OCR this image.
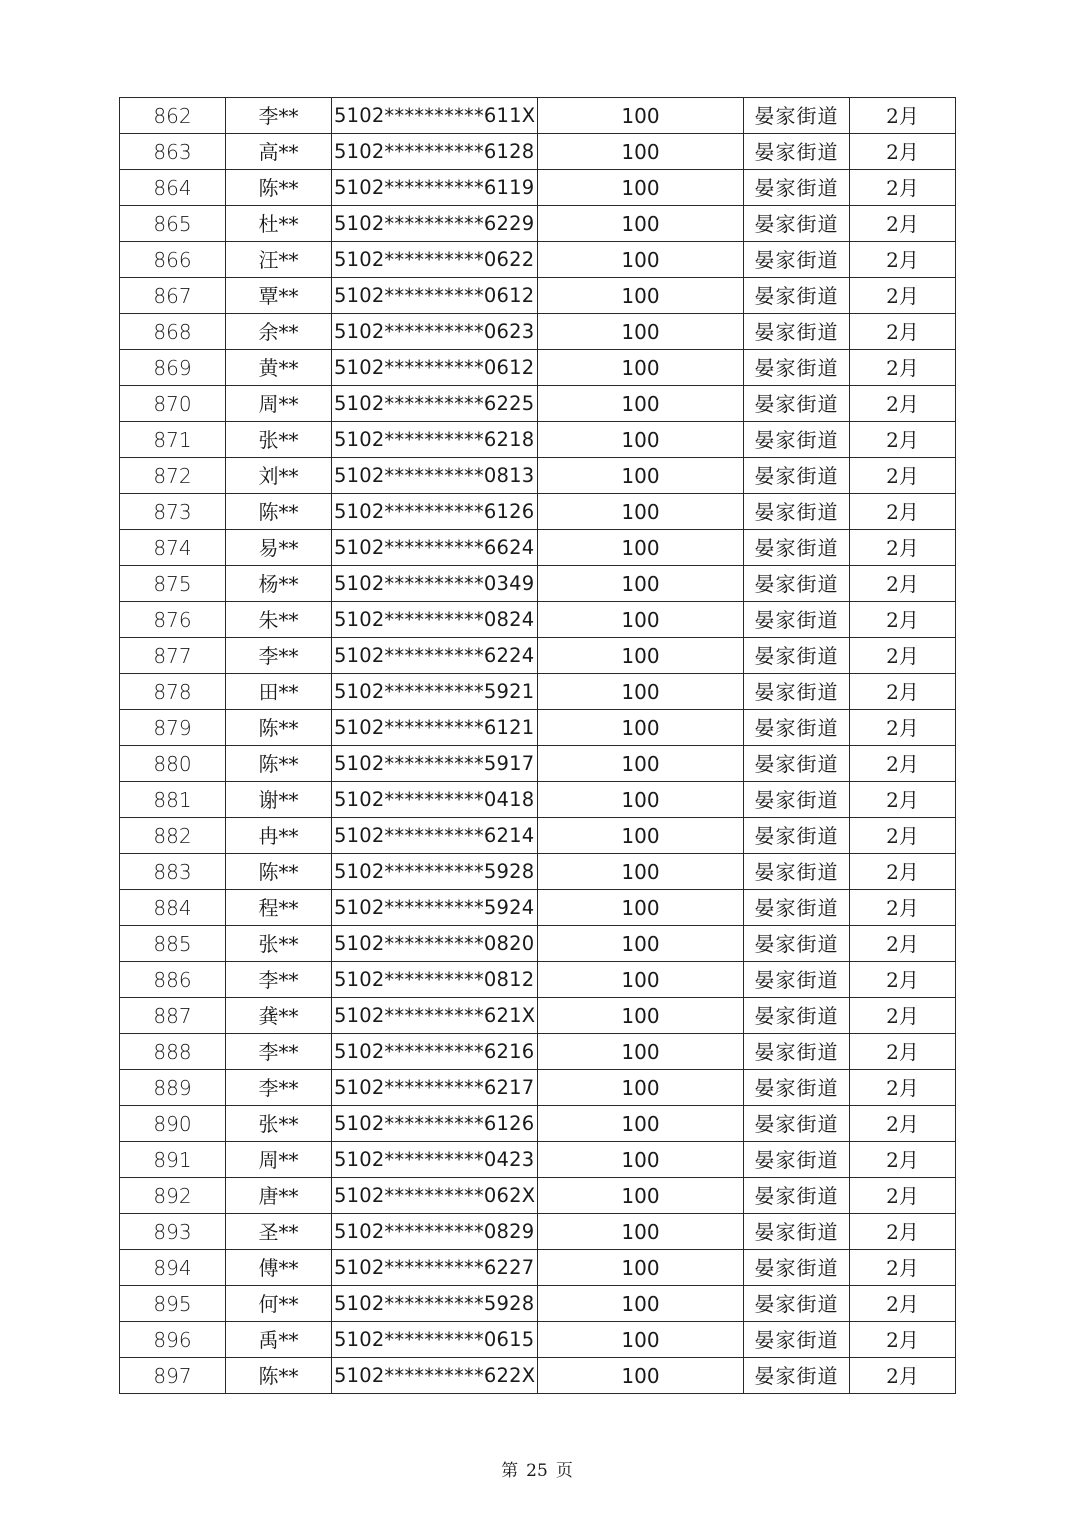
862	李**	5102**********611X	100	晏家街道	2月
863	高**	5102**********6128	100	晏家街道	2月
864	陈**	5102**********6119	100	晏家街道	2月
865	杜**	5102**********6229	100	晏家街道	2月
866	汪**	5102**********0622	100	晏家街道	2月
867	覃**	5102**********0612	100	晏家街道	2月
868	余**	5102**********0623	100	晏家街道	2月
869	黄**	5102**********0612	100	晏家街道	2月
870	周**	5102**********6225	100	晏家街道	2月
871	张**	5102**********6218	100	晏家街道	2月
872	刘**	5102**********0813	100	晏家街道	2月
873	陈**	5102**********6126	100	晏家街道	2月
874	易**	5102**********6624	100	晏家街道	2月
875	杨**	5102**********0349	100	晏家街道	2月
876	朱**	5102**********0824	100	晏家街道	2月
877	李**	5102**********6224	100	晏家街道	2月
878	田**	5102**********5921	100	晏家街道	2月
879	陈**	5102**********6121	100	晏家街道	2月
880	陈**	5102**********5917	100	晏家街道	2月
881	谢**	5102**********0418	100	晏家街道	2月
882	冉**	5102**********6214	100	晏家街道	2月
883	陈**	5102**********5928	100	晏家街道	2月
884	程**	5102**********5924	100	晏家街道	2月
885	张**	5102**********0820	100	晏家街道	2月
886	李**	5102**********0812	100	晏家街道	2月
887	龚**	5102**********621X	100	晏家街道	2月
888	李**	5102**********6216	100	晏家街道	2月
889	李**	5102**********6217	100	晏家街道	2月
890	张**	5102**********6126	100	晏家街道	2月
891	周**	5102**********0423	100	晏家街道	2月
892	唐**	5102**********062X	100	晏家街道	2月
893	圣**	5102**********0829	100	晏家街道	2月
894	傅**	5102**********6227	100	晏家街道	2月
895	何**	5102**********5928	100	晏家街道	2月
896	禹**	5102**********0615	100	晏家街道	2月
897	陈**	5102**********622X	100	晏家街道	2月
第 25 页
